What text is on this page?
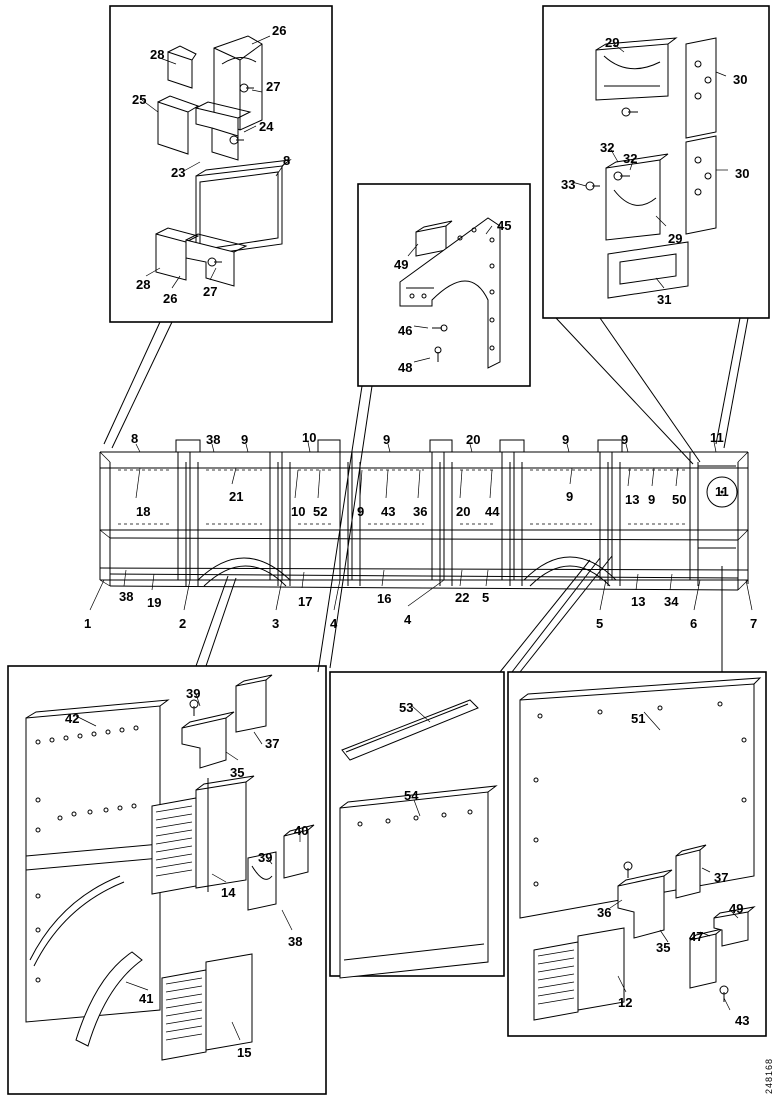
26
28
27
25
24
23
8
28
26 27
29
30
32
32
30
33
29
31
45
49
46
48
8	38 9	10	9	20	9	9	11
18
21
10 52 9 43 36 20 44
9	13 9 50
11
38 19	17	16	22 5	13 34
1	2	3	4	4	5	6	7
42
39
37
35
14
39
40
38
41
15
53
54
51
37
36	49
47
35
12
43
248168
